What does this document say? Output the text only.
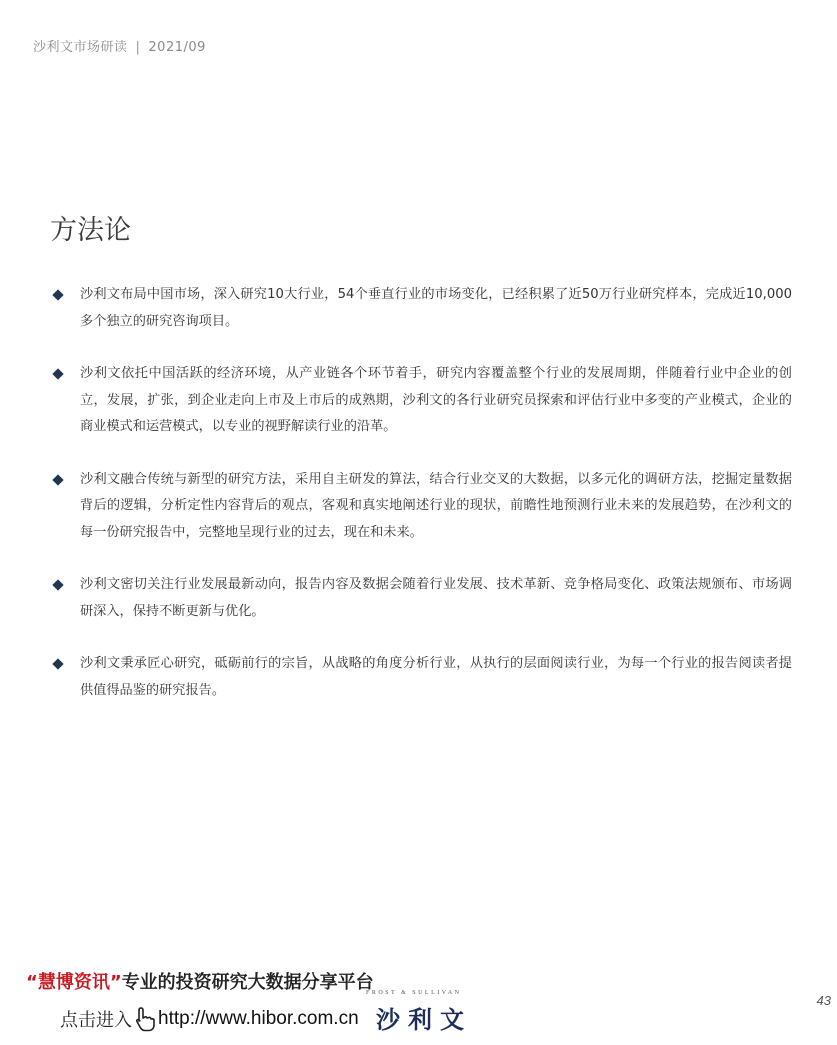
沙利文市场研读 | 2021/09
方法论
沙利文布局中国市场，深入研究10大行业，54个垂直行业的市场变化，已经积累了近50万行业研究样本，完成近10,000多个独立的研究咨询项目。
沙利文依托中国活跃的经济环境，从产业链各个环节着手，研究内容覆盖整个行业的发展周期，伴随着行业中企业的创立，发展，扩张，到企业走向上市及上市后的成熟期，沙利文的各行业研究员探索和评估行业中多变的产业模式，企业的商业模式和运营模式，以专业的视野解读行业的沿革。
沙利文融合传统与新型的研究方法，采用自主研发的算法，结合行业交叉的大数据，以多元化的调研方法，挖掘定量数据背后的逻辑，分析定性内容背后的观点，客观和真实地阐述行业的现状，前瞻性地预测行业未来的发展趋势，在沙利文的每一份研究报告中，完整地呈现行业的过去，现在和未来。
沙利文密切关注行业发展最新动向，报告内容及数据会随着行业发展、技术革新、竞争格局变化、政策法规颁布、市场调研深入，保持不断更新与优化。
沙利文秉承匠心研究，砥砺前行的宗旨，从战略的角度分析行业，从执行的层面阅读行业，为每一个行业的报告阅读者提供值得品鉴的研究报告。
“慧博资讯”专业的投资研究大数据分享平台
点击进入 http://www.hibor.com.cn
FROST & SULLIVAN
沙利文
43
